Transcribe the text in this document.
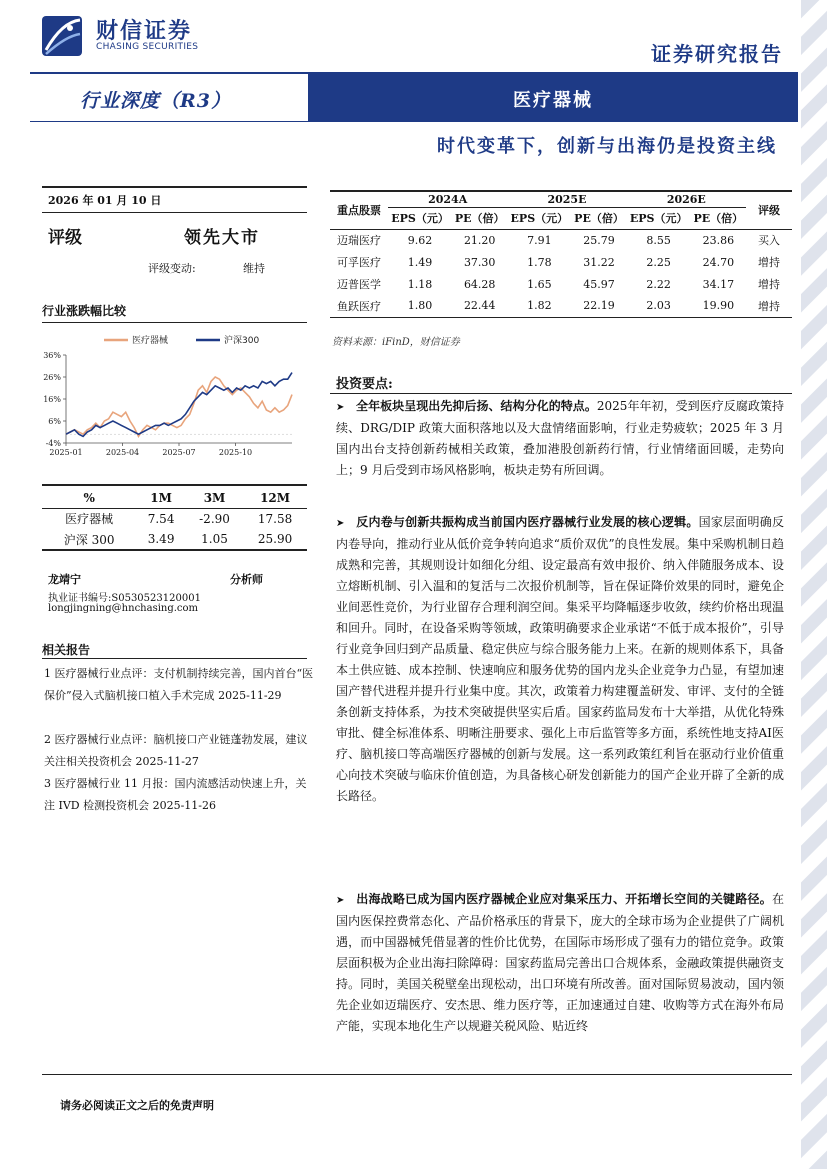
财信证券
CHASING SECURITIES	证券研究报告
行业深度（R3）	医疗器械
时代变革下，创新与出海仍是投资主线
2026 年 01 月 10 日
评级	领先大市
评级变动:	维持
行业涨跌幅比较
36%
26%
16%
6%
-4%
2025-01	2025-04	2025-07	2025-10
医疗器械	沪深300
%	1M	3M	12M
医疗器械	7.54	-2.90	17.58
沪深 300	3.49	1.05	25.90
龙靖宁	分析师
执业证书编号:S0530523120001
longjingning@hnchasing.com
相关报告
1 医疗器械行业点评：支付机制持续完善，国内首台“医保价”侵入式脑机接口植入手术完成 2025-11-29
2 医疗器械行业点评：脑机接口产业链蓬勃发展，建议关注相关投资机会 2025-11-27
3 医疗器械行业 11 月报：国内流感活动快速上升，关注 IVD 检测投资机会 2025-11-26
重点股票	2024A		2025E		2026E		评级
	EPS（元）	PE（倍）	EPS（元）	PE（倍）	EPS（元）	PE（倍）	
迈瑞医疗	9.62	21.20	7.91	25.79	8.55	23.86	买入
可孚医疗	1.49	37.30	1.78	31.22	2.25	24.70	增持
迈普医学	1.18	64.28	1.65	45.97	2.22	34.17	增持
鱼跃医疗	1.80	22.44	1.82	22.19	2.03	19.90	增持
资料来源：iFinD，财信证券
投资要点:
➤ 全年板块呈现出先抑后扬、结构分化的特点。2025年年初，受到医疗反腐政策持续、DRG/DIP 政策大面积落地以及大盘情绪面影响，行业走势疲软；2025 年 3 月国内出台支持创新药械相关政策，叠加港股创新药行情，行业情绪面回暖，走势向上；9 月后受到市场风格影响，板块走势有所回调。
➤ 反内卷与创新共振构成当前国内医疗器械行业发展的核心逻辑。国家层面明确反内卷导向，推动行业从低价竞争转向追求“质价双优”的良性发展。集中采购机制日趋成熟和完善，其规则设计如细化分组、设定最高有效申报价、纳入伴随服务成本、设立熔断机制、引入温和的复活与二次报价机制等，旨在保证降价效果的同时，避免企业间恶性竞价，为行业留存合理利润空间。集采平均降幅逐步收敛，续约价格出现温和回升。同时，在设备采购等领域，政策明确要求企业承诺“不低于成本报价”，引导行业竞争回归到产品质量、稳定供应与综合服务能力上来。在新的规则体系下，具备本土供应链、成本控制、快速响应和服务优势的国内龙头企业竞争力凸显，有望加速国产替代进程并提升行业集中度。其次，政策着力构建覆盖研发、审评、支付的全链条创新支持体系，为技术突破提供坚实后盾。国家药监局发布十大举措，从优化特殊审批、健全标准体系、明晰注册要求、强化上市后监管等多方面，系统性地支持AI医疗、脑机接口等高端医疗器械的创新与发展。这一系列政策红利旨在驱动行业价值重心向技术突破与临床价值创造，为具备核心研发创新能力的国产企业开辟了全新的成长路径。
➤ 出海战略已成为国内医疗器械企业应对集采压力、开拓增长空间的关键路径。在国内医保控费常态化、产品价格承压的背景下，庞大的全球市场为企业提供了广阔机遇，而中国器械凭借显著的性价比优势，在国际市场形成了强有力的错位竞争。政策层面积极为企业出海扫除障碍：国家药监局完善出口合规体系，金融政策提供融资支持。同时，美国关税壁垒出现松动，出口环境有所改善。面对国际贸易波动，国内领先企业如迈瑞医疗、安杰思、维力医疗等，正加速通过自建、收购等方式在海外布局产能，实现本地化生产以规避关税风险、贴近终
请务必阅读正文之后的免责声明
